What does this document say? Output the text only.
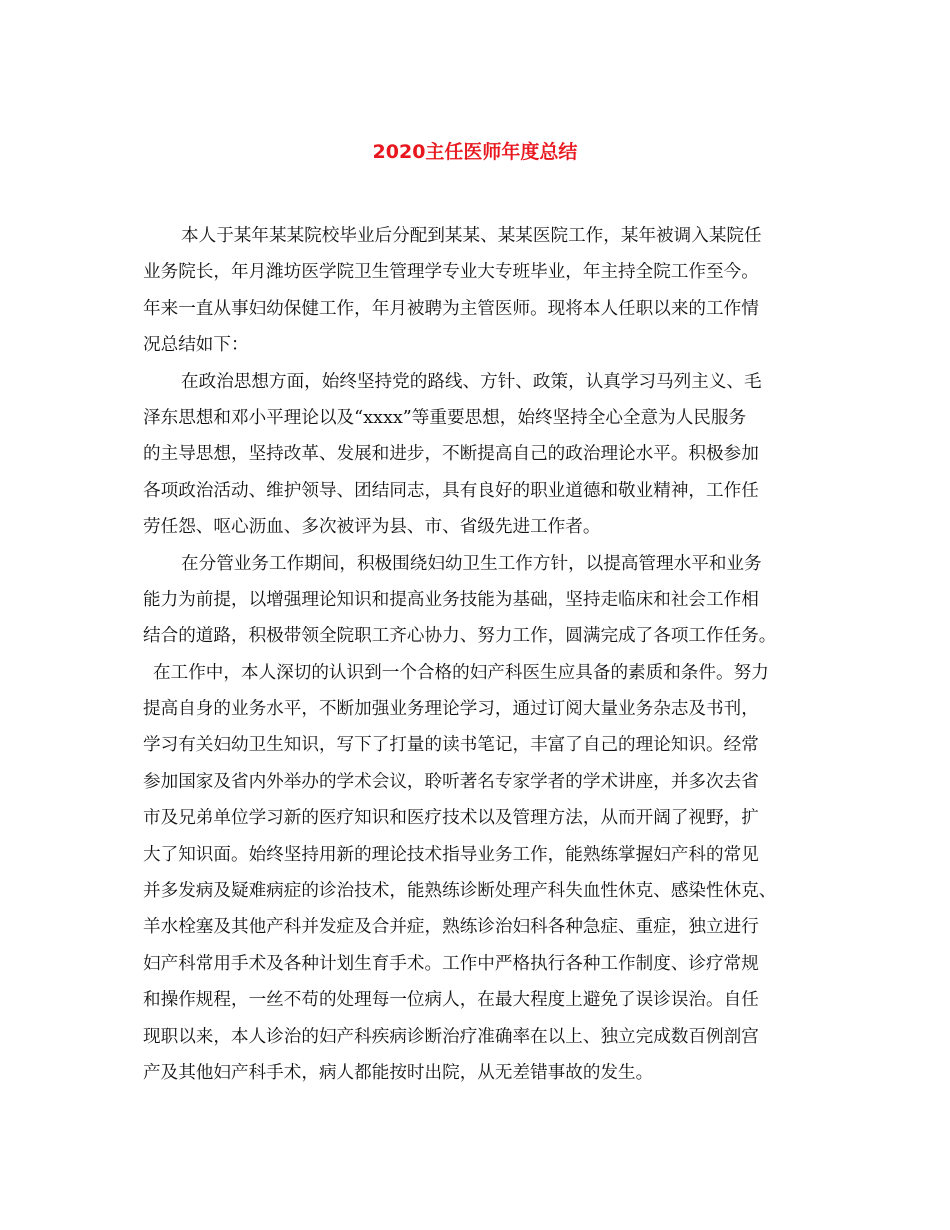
2020主任医师年度总结
本人于某年某某院校毕业后分配到某某、某某医院工作，某年被调入某院任
业务院长，年月潍坊医学院卫生管理学专业大专班毕业，年主持全院工作至今。
年来一直从事妇幼保健工作，年月被聘为主管医师。现将本人任职以来的工作情
况总结如下：
在政治思想方面，始终坚持党的路线、方针、政策，认真学习马列主义、毛
泽东思想和邓小平理论以及“xxxx”等重要思想，始终坚持全心全意为人民服务
的主导思想，坚持改革、发展和进步，不断提高自己的政治理论水平。积极参加
各项政治活动、维护领导、团结同志，具有良好的职业道德和敬业精神，工作任
劳任怨、呕心沥血、多次被评为县、市、省级先进工作者。
在分管业务工作期间，积极围绕妇幼卫生工作方针，以提高管理水平和业务
能力为前提，以增强理论知识和提高业务技能为基础，坚持走临床和社会工作相
结合的道路，积极带领全院职工齐心协力、努力工作，圆满完成了各项工作任务。
在工作中，本人深切的认识到一个合格的妇产科医生应具备的素质和条件。努力
提高自身的业务水平，不断加强业务理论学习，通过订阅大量业务杂志及书刊，
学习有关妇幼卫生知识，写下了打量的读书笔记，丰富了自己的理论知识。经常
参加国家及省内外举办的学术会议，聆听著名专家学者的学术讲座，并多次去省
市及兄弟单位学习新的医疗知识和医疗技术以及管理方法，从而开阔了视野，扩
大了知识面。始终坚持用新的理论技术指导业务工作，能熟练掌握妇产科的常见
并多发病及疑难病症的诊治技术，能熟练诊断处理产科失血性休克、感染性休克、
羊水栓塞及其他产科并发症及合并症，熟练诊治妇科各种急症、重症，独立进行
妇产科常用手术及各种计划生育手术。工作中严格执行各种工作制度、诊疗常规
和操作规程，一丝不苟的处理每一位病人，在最大程度上避免了误诊误治。自任
现职以来，本人诊治的妇产科疾病诊断治疗准确率在以上、独立完成数百例剖宫
产及其他妇产科手术，病人都能按时出院，从无差错事故的发生。
